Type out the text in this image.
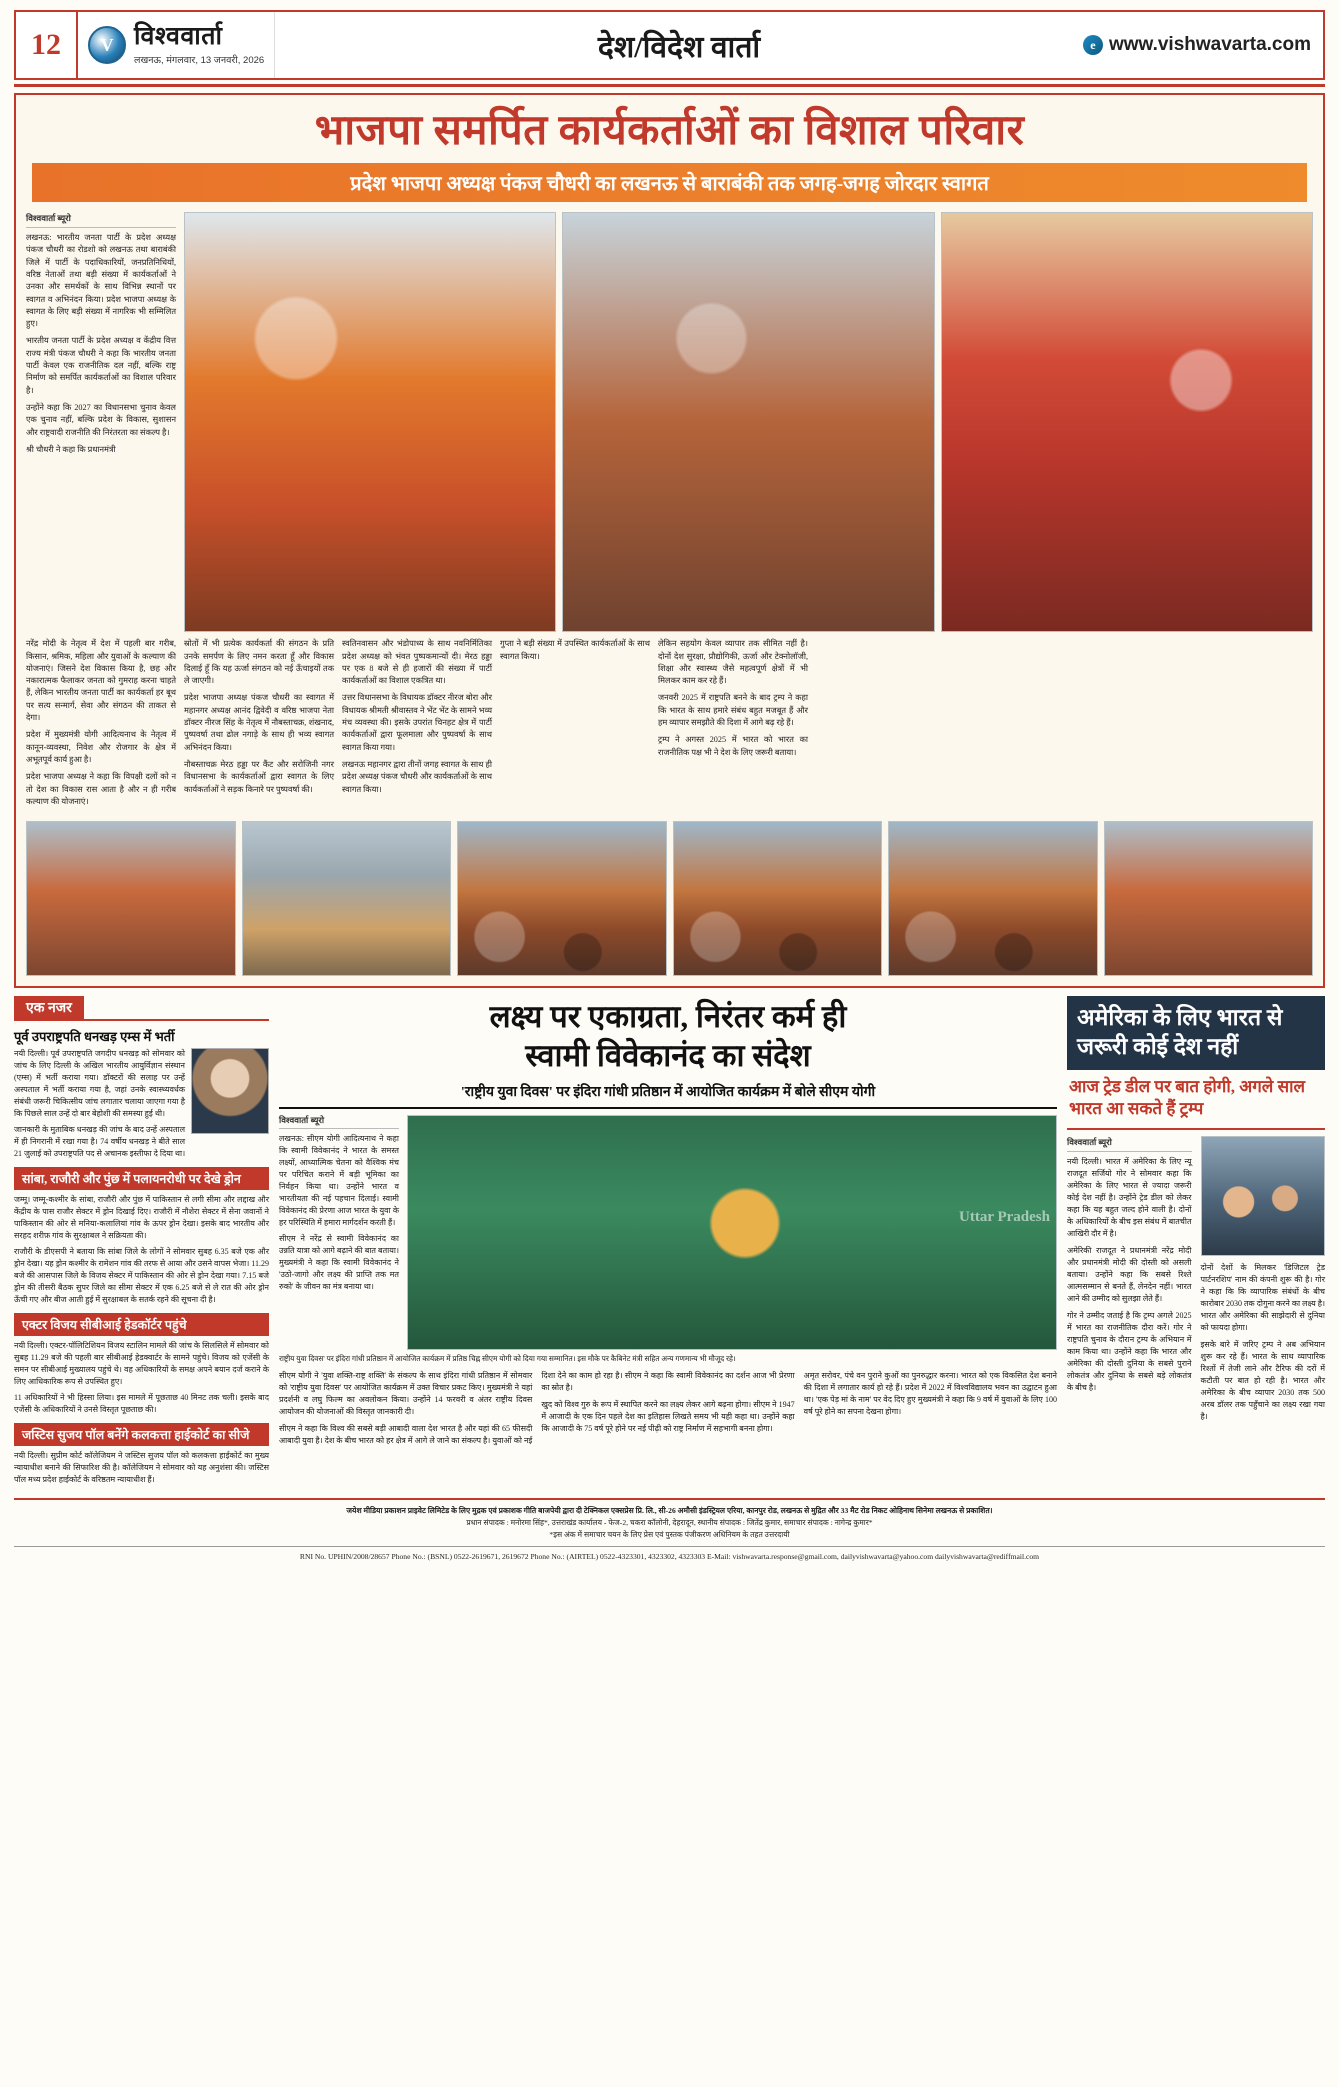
12	V विश्ववार्ता
लखनऊ, मंगलवार, 13 जनवरी, 2026	देश/विदेश वार्ता	e www.vishwavarta.com
भाजपा समर्पित कार्यकर्ताओं का विशाल परिवार
प्रदेश भाजपा अध्यक्ष पंकज चौधरी का लखनऊ से बाराबंकी तक जगह-जगह जोरदार स्वागत
विश्ववार्ता ब्यूरो

लखनऊ: भारतीय जनता पार्टी के प्रदेश अध्यक्ष पंकज चौधरी का रोडशो को लखनऊ तथा बाराबंकी जिले में पार्टी के पदाधिकारियों, जनप्रतिनिधियों, वरिष्ठ नेताओं तथा बड़ी संख्या में कार्यकर्ताओं ने उनका और समर्थकों के साथ विभिन्न स्थानों पर स्वागत व अभिनंदन किया। प्रदेश भाजपा अध्यक्ष के स्वागत के लिए बड़ी संख्या में नागरिक भी सम्मिलित हुए।

भारतीय जनता पार्टी के प्रदेश अध्यक्ष व केंद्रीय वित्त राज्य मंत्री पंकज चौधरी ने कहा कि भारतीय जनता पार्टी केवल एक राजनीतिक दल नहीं, बल्कि राष्ट्र निर्माण को समर्पित कार्यकर्ताओं का विशाल परिवार है।

उन्होंने कहा कि 2027 का विधानसभा चुनाव केवल एक चुनाव नहीं, बल्कि प्रदेश के विकास, सुशासन और राष्ट्रवादी राजनीति की निरंतरता का संकल्प है।

श्री चौधरी ने कहा कि प्रधानमंत्री

नरेंद्र मोदी के नेतृत्व में देश में पहली बार गरीब, किसान, श्रमिक, महिला और युवाओं के कल्याण की योजनाएं। जिसने देश विकास किया है, छह और नकारात्मक फैलाकर जनता को गुमराह करना चाहते हैं, लेकिन भारतीय जनता पार्टी का कार्यकर्ता हर बूथ पर सत्य सन्मार्ग, सेवा और संगठन की ताकत से देगा।

प्रदेश में मुख्यमंत्री योगी आदित्यनाथ के नेतृत्व में कानून-व्यवस्था, निवेश और रोजगार के क्षेत्र में अभूतपूर्व कार्य हुआ है।

प्रदेश भाजपा अध्यक्ष ने कहा कि विपक्षी दलों को न तो देश का विकास रास आता है और न ही गरीब कल्याण की योजनाएं।

स्रोतों में भी प्रत्येक कार्यकर्ता की संगठन के प्रति उनके समर्पण के लिए नमन करता हूँ और विकास दिलाई हूँ कि यह ऊर्जा संगठन को नई ऊँचाइयों तक ले जाएगी।

प्रदेश भाजपा अध्यक्ष पंकज चौधरी का स्वागत में महानगर अध्यक्ष आनंद द्विवेदी व वरिष्ठ भाजपा नेता डॉक्टर नीरज सिंह के नेतृत्व में नौबस्ताचक्र, शंखनाद, पुष्पवर्षा तथा ढोल नगाड़े के साथ ही भव्य स्वागत अभिनंदन किया।

नौबस्ताचक्र मेरठ हड्डा पर कैंट और सरोजिनी नगर विधानसभा के कार्यकर्ताओं द्वारा स्वागत के लिए कार्यकर्ताओं ने सड़क किनारे पर पुष्पवर्षा की।

स्वतिनवासन और भंडोपाध्य के साथ नवनिर्मितिका प्रदेश अध्यक्ष को भंवत पुष्पकमान्यों दी। मेरठ हड्डा पर एक 8 बजे से ही हजारों की संख्या में पार्टी कार्यकर्ताओं का विशाल एकत्रित था।

उत्तर विधानसभा के विधायक डॉक्टर नीरज बोरा और विधायक श्रीमती श्रीवास्तव ने भेंट भेंट के सामने भव्य मंच व्यवस्था की। इसके उपरांत चिनहट क्षेत्र में पार्टी कार्यकर्ताओं द्वारा फूलमाला और पुष्पवर्षा के साथ स्वागत किया गया।

लखनऊ महानगर द्वारा तीनों जगह स्वागत के साथ ही प्रदेश अध्यक्ष पंकज चौधरी और कार्यकर्ताओं के साथ स्वागत किया।

गुप्ता ने बड़ी संख्या में उपस्थित कार्यकर्ताओं के साथ स्वागत किया।

लेकिन सहयोग केवल व्यापार तक सीमित नहीं है। दोनों देश सुरक्षा, प्रौद्योगिकी, ऊर्जा और टेक्नोलॉजी, शिक्षा और स्वास्थ्य जैसे महत्वपूर्ण क्षेत्रों में भी मिलकर काम कर रहे हैं।

जनवरी 2025 में राष्ट्रपति बनने के बाद ट्रम्प ने कहा कि भारत के साथ हमारे संबंध बहुत मजबूत हैं और हम व्यापार समझौते की दिशा में आगे बढ़ रहे हैं।

ट्रम्प ने अगस्त 2025 में भारत को भारत का राजनीतिक पक्ष भी ने देश के लिए जरूरी बताया।

एक नजर
पूर्व उपराष्ट्रपति धनखड़ एम्स में भर्ती

नयी दिल्ली। पूर्व उपराष्ट्रपति जगदीप धनखड़ को सोमवार को जांच के लिए दिल्ली के अखिल भारतीय आयुर्विज्ञान संस्थान (एम्स) में भर्ती कराया गया। डॉक्टरों की सलाह पर उन्हें अस्पताल में भर्ती कराया गया है, जहां उनके स्वास्थ्यवर्धक संबंधी जरूरी चिकित्सीय जांच लगातार चलाया जाएगा गया है कि पिछले साल उन्हें दो बार बेहोशी की समस्या हुई थी।

जानकारी के मुताबिक धनखड़ की जांच के बाद उन्हें अस्पताल में ही निगरानी में रखा गया है। 74 वर्षीय धनखड़ ने बीते साल 21 जुलाई को उपराष्ट्रपति पद से अचानक इस्तीफा दे दिया था।

सांबा, राजौरी और पुंछ में पलायनरोधी पर देखे ड्रोन

जम्मू। जम्मू-कश्मीर के सांबा, राजौरी और पुंछ में पाकिस्तान से लगी सीमा और लद्दाख और केंद्रीय के पास राजौर सेक्टर में ड्रोन दिखाई दिए। राजौरी में नौशेरा सेक्टर में सेना जवानों ने पाकिस्तान की ओर से मनिया-कलालियां गांव के ऊपर ड्रोन देखा। इसके बाद भारतीय और सरहद शरीफ़ गांव के सुरक्षाबल ने सक्रियता की।

राजौरी के डीएसपी ने बताया कि सांबा जिले के लोगों ने सोमवार सुबह 6.35 बजे एक और ड्रोन देखा। यह ड्रोन कश्मीर के रामेशन गांव की तरफ से आया और उसने वापस भेजा। 11.29 बजे की आसपास जिले के विजय सेक्टर में पाकिस्तान की ओर से ड्रोन देखा गया। 7.15 बजे ड्रोन की तीसरी बैठक सुपर जिले का सीमा सेक्टर में एक 6.25 बजे से ले रात की ओर ड्रोन ऊँची गए और बीज आती हुई में सुरक्षाबल के सतर्क रहने की सूचना दी है।

एक्टर विजय सीबीआई हेडकॉर्टर पहुंचे

नयी दिल्ली। एक्टर-पॉलिटिशियन विजय स्टालिन मामले की जांच के सिलसिले में सोमवार को सुबह 11.29 बजे की पहली बार सीबीआई हेडक्वार्टर के सामने पहुंचे। विजय को एजेंसी के समन पर सीबीआई मुख्यालय पहुंचे थे। वह अधिकारियों के समक्ष अपने बयान दर्ज कराने के लिए आधिकारिक रूप से उपस्थित हुए।

11 अधिकारियों ने भी हिस्सा लिया। इस मामले में पूछताछ 40 मिनट तक चली। इसके बाद एजेंसी के अधिकारियों ने उनसे विस्तृत पूछताछ की।

जस्टिस सुजय पॉल बनेंगे कलकत्ता हाईकोर्ट का सीजे

नयी दिल्ली। सुप्रीम कोर्ट कॉलेजियम ने जस्टिस सुजय पॉल को कलकत्ता हाईकोर्ट का मुख्य न्यायाधीश बनाने की सिफारिश की है। कॉलेजियम ने सोमवार को यह अनुशंसा की। जस्टिस पॉल मध्य प्रदेश हाईकोर्ट के वरिष्ठतम न्यायाधीश हैं।

लक्ष्य पर एकाग्रता, निरंतर कर्म ही
स्वामी विवेकानंद का संदेश
'राष्ट्रीय युवा दिवस' पर इंदिरा गांधी प्रतिष्ठान में आयोजित कार्यक्रम में बोले सीएम योगी
विश्ववार्ता ब्यूरो

लखनऊ: सीएम योगी आदित्यनाथ ने कहा कि स्वामी विवेकानंद ने भारत के समस्त लक्ष्यों, आध्यात्मिक चेतना को वैश्विक मंच पर परिचित कराने में बड़ी भूमिका का निर्वहन किया था। उन्होंने भारत व भारतीयता की नई पहचान दिलाई। स्वामी विवेकानंद की प्रेरणा आज भारत के युवा के हर परिस्थिति में हमारा मार्गदर्शन करती हैं।

सीएम ने नरेंद्र से स्वामी विवेकानंद का उन्नति यात्रा को आगे बढ़ाने की बात बताया। मुख्यमंत्री ने कहा कि स्वामी विवेकानंद ने 'उठो-जागो और लक्ष्य की प्राप्ति तक मत रुको' के जीवन का मंत्र बनाया था।

Uttar Pradesh
राष्ट्रीय युवा दिवस' पर इंदिरा गांधी प्रतिष्ठान में आयोजित कार्यक्रम में प्रतिष्ठ चिह्न सीएम योगी को दिया गया सम्मानित। इस मौके पर कैबिनेट मंत्री सहित अन्य गणमान्य भी मौजूद रहे।

सीएम योगी ने 'युवा शक्ति-राष्ट्र शक्ति' के संकल्प के साथ इंदिरा गांधी प्रतिष्ठान में सोमवार को 'राष्ट्रीय युवा दिवस' पर आयोजित कार्यक्रम में उक्त विचार प्रकट किए। मुख्यमंत्री ने यहां प्रदर्शनी व लघु फिल्म का अवलोकन किया। उन्होंने 14 फरवरी व अंतर राष्ट्रीय दिवस आयोजन की योजनाओं की विस्तृत जानकारी दी।

सीएम ने कहा कि विश्व की सबसे बड़ी आबादी वाला देश भारत है और यहां की 65 फीसदी आबादी युवा है। देश के बीच भारत को हर क्षेत्र में आगे ले जाने का संकल्प है। युवाओं को नई दिशा देने का काम हो रहा है। सीएम ने कहा कि स्वामी विवेकानंद का दर्शन आज भी प्रेरणा का स्रोत है।

खुद को विश्व गुरु के रूप में स्थापित करने का लक्ष्य लेकर आगे बढ़ना होगा। सीएम ने 1947 में आजादी के एक दिन पहले देश का इतिहास लिखते समय भी यही कहा था। उन्होंने कहा कि आजादी के 75 वर्ष पूरे होने पर नई पीढ़ी को राष्ट्र निर्माण में सहभागी बनना होगा।

अमृत सरोवर, पंचे वन पुराने कुओं का पुनरुद्धार करना। भारत को एक विकसित देश बनाने की दिशा में लगातार कार्य हो रहे हैं। प्रदेश में 2022 में विश्वविद्यालय भवन का उद्घाटन हुआ था। 'एक पेड़ मां के नाम' पर वेद दिए हुए मुख्यमंत्री ने कहा कि 9 वर्ष में युवाओं के लिए 100 वर्ष पूरे होने का सपना देखना होगा।

अमेरिका के लिए भारत से जरूरी कोई देश नहीं
आज ट्रेड डील पर बात होगी, अगले साल भारत आ सकते हैं ट्रम्प
विश्ववार्ता ब्यूरो

नयी दिल्ली। भारत में अमेरिका के लिए न्यू राजदूत सर्जियो गोर ने सोमवार कहा कि अमेरिका के लिए भारत से ज्यादा जरूरी कोई देश नहीं है। उन्होंने ट्रेड डील को लेकर कहा कि यह बहुत जल्द होने वाली है। दोनों के अधिकारियों के बीच इस संबंध में बातचीत आखिरी दौर में है।

अमेरिकी राजदूत ने प्रधानमंत्री नरेंद्र मोदी और प्रधानमंत्री मोदी की दोस्ती को असली बताया। उन्होंने कहा कि सबसे रिश्ते आत्मसम्मान से बनते हैं, लेनदेन नहीं। भारत आने की उम्मीद को सुलझा लेते हैं।

गोर ने उम्मीद जताई है कि ट्रम्प अगले 2025 में भारत का राजनीतिक दौरा करें। गोर ने राष्ट्रपति चुनाव के दौरान ट्रम्प के अभियान में काम किया था। उन्होंने कहा कि भारत और अमेरिका की दोस्ती दुनिया के सबसे पुराने लोकतंत्र और दुनिया के सबसे बड़े लोकतंत्र के बीच है।

दोनों देशों के मिलकर 'डिजिटल ट्रेड पार्टनरशिप' नाम की कंपनी शुरू की है। गोर ने कहा कि कि व्यापारिक संबंधों के बीच कारोबार 2030 तक दोगुना करने का लक्ष्य है। भारत और अमेरिका की साझेदारी से दुनिया को फायदा होगा।

इसके बारे में जरिए ट्रम्प ने अब अभियान शुरू कर रहे हैं। भारत के साथ व्यापारिक रिश्तों में तेजी लाने और टैरिफ की दरों में कटौती पर बात हो रही है। भारत और अमेरिका के बीच व्यापार 2030 तक 500 अरब डॉलर तक पहुँचाने का लक्ष्य रखा गया है।

जयेश मीडिया प्रकाशन प्राइवेट लिमिटेड के लिए मुद्रक एवं प्रकाशक गीति बाजपेयी द्वारा दी टेक्निकल एक्सप्रेस प्रि. लि., सी-26 अमौसी इंडस्ट्रियल एरिया, कानपुर रोड, लखनऊ से मुद्रित और 33 मैट रोड निकट ओहिनाथ सिनेमा लखनऊ से प्रकाशित।
प्रधान संपादक : मनोरमा सिंह*, उत्तराखंड कार्यालय - फेज-2, चकरा कॉलोनी, देहरादून, स्थानीय संपादक : जितेंद्र कुमार, समाचार संपादक : नागेन्द्र कुमार*
*इस अंक में समाचार चयन के लिए प्रेस एवं पुस्तक पंजीकरण अधिनियम के तहत उत्तरदायी
RNI No. UPHIN/2008/28657 Phone No.: (BSNL) 0522-2619671, 2619672 Phone No.: (AIRTEL) 0522-4323301, 4323302, 4323303 E-Mail: vishwavarta.response@gmail.com, dailyvishwavarta@yahoo.com dailyvishwavarta@rediffmail.com
